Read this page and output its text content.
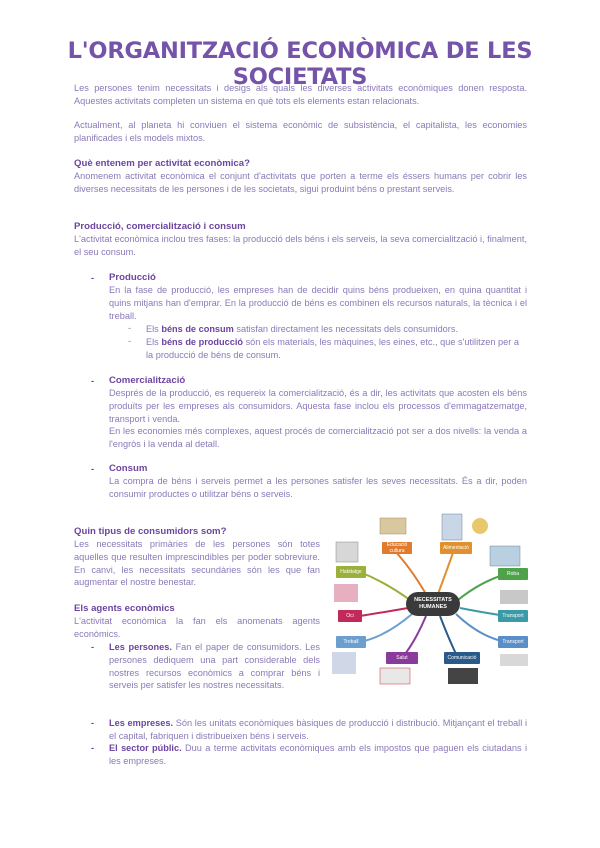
L'ORGANITZACIÓ ECONÒMICA DE LES SOCIETATS

Les persones tenim necessitats i desigs als quals les diverses activitats econòmiques donen resposta. Aquestes activitats completen un sistema en què tots els elements estan relacionats.

Actualment, al planeta hi conviuen el sistema econòmic de subsistència, el capitalista, les economies planificades i els models mixtos.

Què entenem per activitat econòmica?

Anomenem activitat econòmica el conjunt d'activitats que porten a terme els éssers humans per cobrir les diverses necessitats de les persones i de les societats, sigui produint béns o prestant serveis.

Producció, comercialització i consum

L'activitat econòmica inclou tres fases: la producció dels béns i els serveis, la seva comercialització i, finalment, el seu consum.

- Producció

En la fase de producció, les empreses han de decidir quins béns produeixen, en quina quantitat i quins mitjans han d'emprar. En la producció de béns es combinen els recursos naturals, la tècnica i el treball.

- Els béns de consum satisfan directament les necessitats dels consumidors.

- Els béns de producció són els materials, les màquines, les eines, etc., que s'utilitzen per a la producció de béns de consum.

- Comercialització

Després de la producció, es requereix la comercialització, és a dir, les activitats que acosten els béns produïts per les empreses als consumidors. Aquesta fase inclou els processos d'emmagatzematge, transport i venda.

En les economies més complexes, aquest procés de comercialització pot ser a dos nivells: la venda a l'engròs i la venda al detall.

- Consum

La compra de béns i serveis permet a les persones satisfer les seves necessitats. És a dir, poden consumir productes o utilitzar béns o serveis.

Quin tipus de consumidors som?

Les necessitats primàries de les persones són totes aquelles que resulten imprescindibles per poder sobreviure. En canvi, les necessitats secundàries són les que fan augmentar el nostre benestar.

Els agents econòmics

L'activitat econòmica la fan els anomenats agents econòmics.

- Les persones. Fan el paper de consumidors. Les persones dediquem una part considerable dels nostres recursos econòmics a comprar béns i serveis per satisfer les nostres necessitats.

- Les empreses. Són les unitats econòmiques bàsiques de producció i distribució. Mitjançant el treball i el capital, fabriquen i distribueixen béns i serveis.

- El sector públic. Duu a terme activitats econòmiques amb els impostos que paguen els ciutadans i les empreses.

NECESSITATS HUMANES
Educació cultura	Alimentació
Habitatge	Roba
Oci	Transport
Treball	Transport
Salut	Comunicació
